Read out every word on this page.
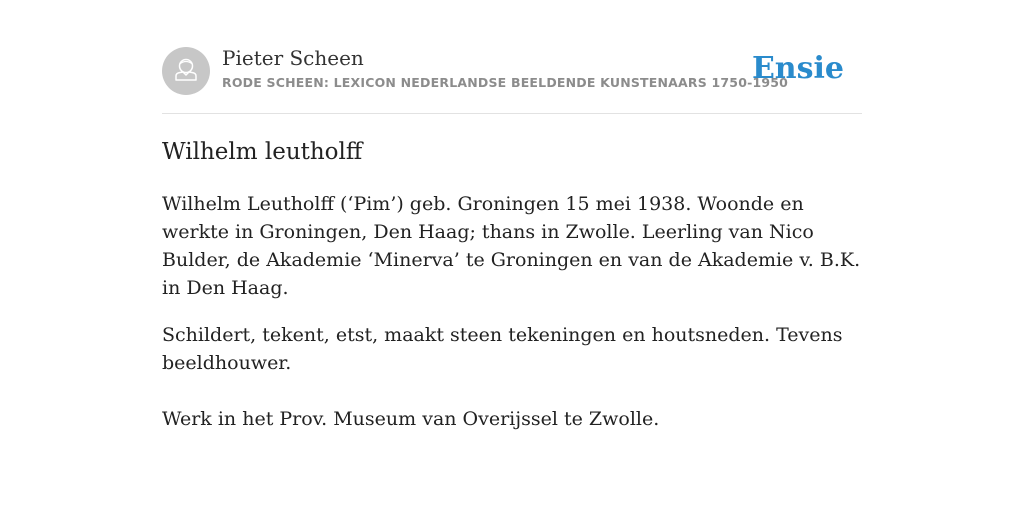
Pieter Scheen
RODE SCHEEN: LEXICON NEDERLANDSE BEELDENDE KUNSTENAARS 1750-1950
Ensie
Wilhelm leutholff

Wilhelm Leutholff (‘Pim’) geb. Groningen 15 mei 1938. Woonde en werkte in Groningen, Den Haag; thans in Zwolle. Leerling van Nico Bulder, de Akademie ‘Minerva’ te Groningen en van de Akademie v. B.K. in Den Haag.

Schildert, tekent, etst, maakt steen tekeningen en houtsneden. Tevens beeldhouwer.

Werk in het Prov. Museum van Overijssel te Zwolle.
